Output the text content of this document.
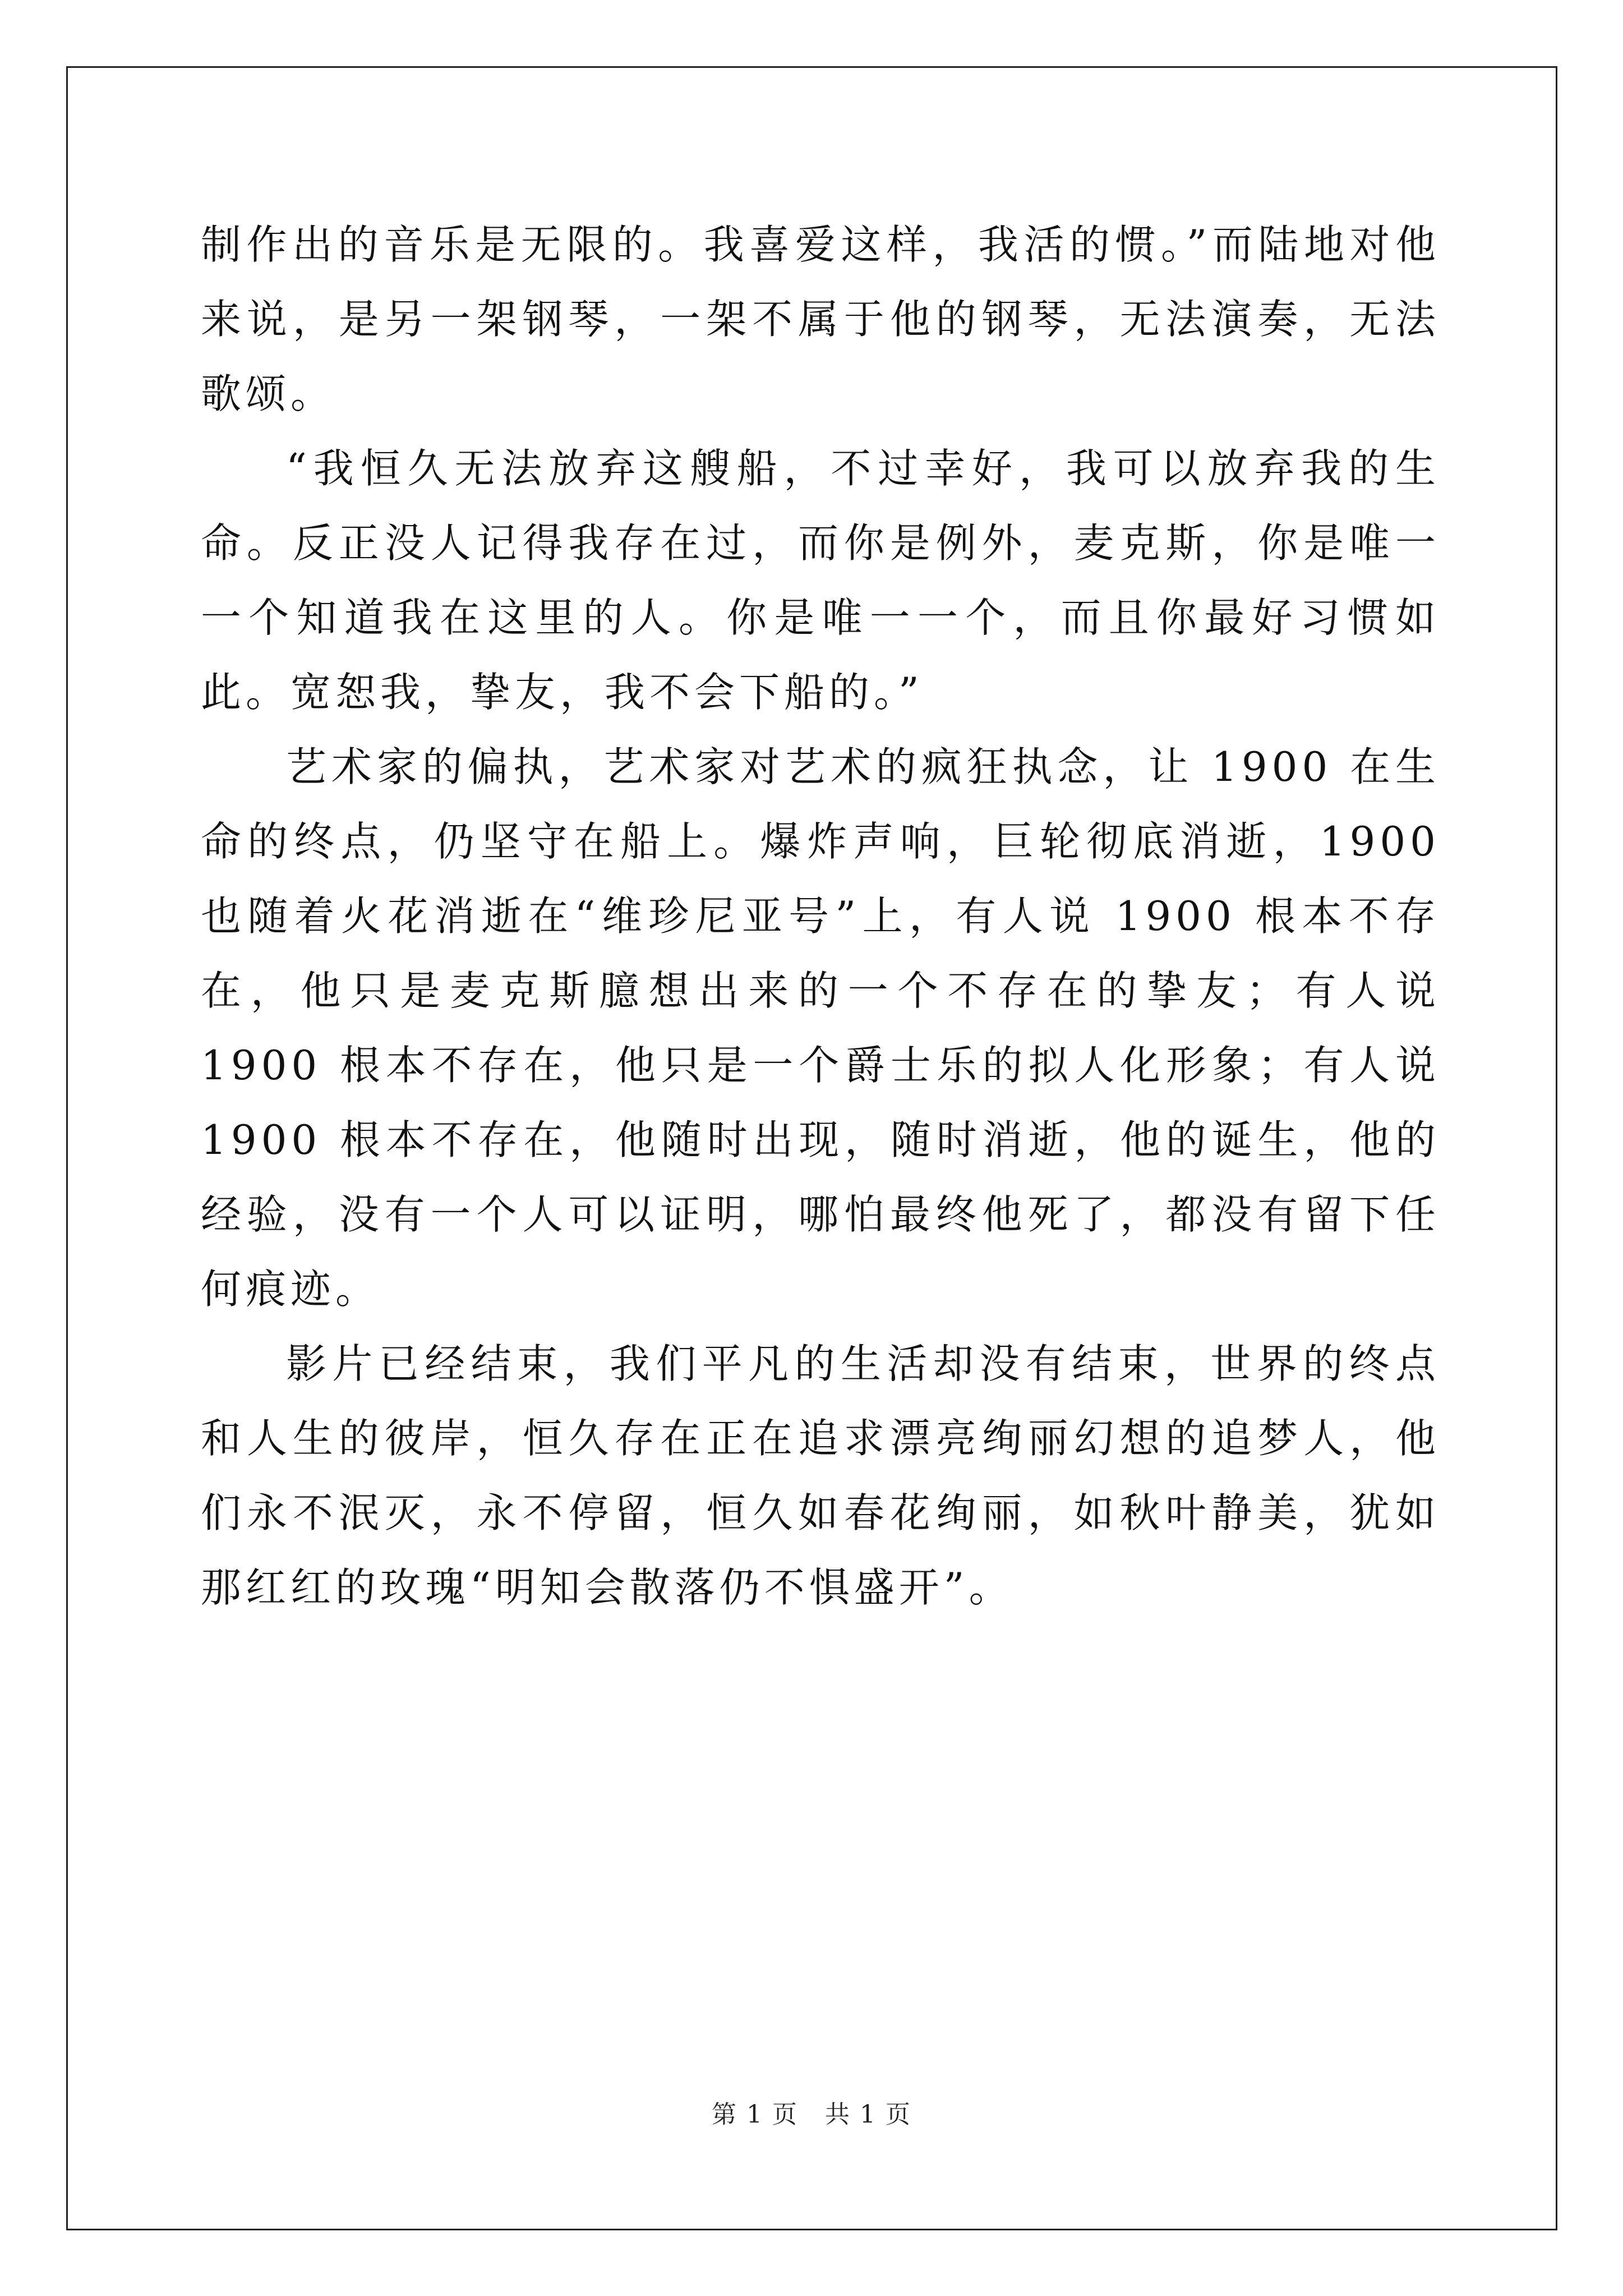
制作出的音乐是无限的。我喜爱这样，我活的惯。”而陆地对他来说，是另一架钢琴，一架不属于他的钢琴，无法演奏，无法歌颂。

“我恒久无法放弃这艘船，不过幸好，我可以放弃我的生命。反正没人记得我存在过，而你是例外，麦克斯，你是唯一一个知道我在这里的人。你是唯一一个，而且你最好习惯如此。宽恕我，挚友，我不会下船的。”

艺术家的偏执，艺术家对艺术的疯狂执念，让 1900 在生命的终点，仍坚守在船上。爆炸声响，巨轮彻底消逝，1900 也随着火花消逝在“维珍尼亚号”上，有人说 1900 根本不存在，他只是麦克斯臆想出来的一个不存在的挚友；有人说 1900 根本不存在，他只是一个爵士乐的拟人化形象；有人说 1900 根本不存在，他随时出现，随时消逝，他的诞生，他的经验，没有一个人可以证明，哪怕最终他死了，都没有留下任何痕迹。

影片已经结束，我们平凡的生活却没有结束，世界的终点和人生的彼岸，恒久存在正在追求漂亮绚丽幻想的追梦人，他们永不泯灭，永不停留，恒久如春花绚丽，如秋叶静美，犹如那红红的玫瑰“明知会散落仍不惧盛开”。

第 1 页 共 1 页
